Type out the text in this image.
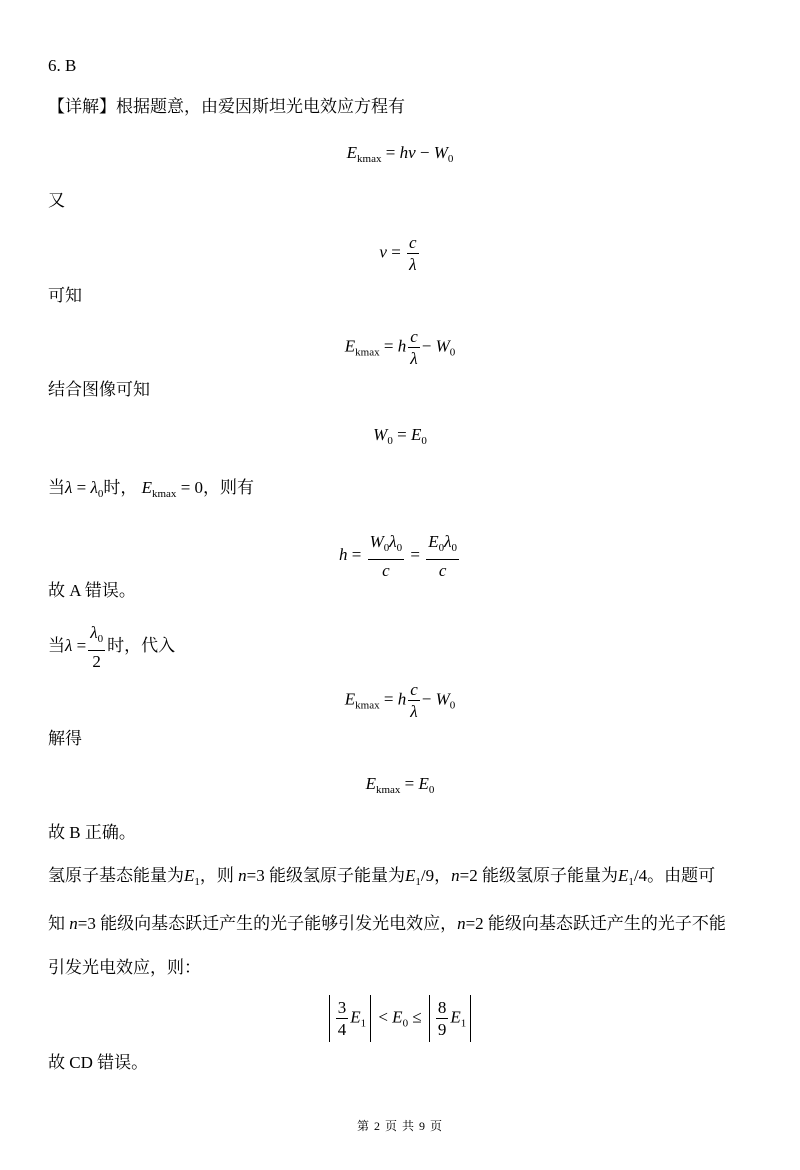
6. B
【详解】根据题意，由爱因斯坦光电效应方程有
$E_{kmax} = h\nu - W_0$
又
$\nu = \frac{c}{\lambda}$
可知
$E_{kmax} = h \frac{c}{\lambda} - W_0$
结合图像可知
$W_0 = E_0$
当$\lambda = \lambda_0$时， $E_{kmax} = 0$，则有
$h = \frac{W_0\lambda_0}{c} = \frac{E_0\lambda_0}{c}$
故 A 错误。
当$\lambda = \frac{\lambda_0}{2}$ 时，代入
$E_{kmax} = h \frac{c}{\lambda} - W_0$
解得
$E_{kmax} = E_0$
故 B 正确。
氢原子基态能量为$E_1$，则 n=3 能级氢原子能量为$E_1/9$，n=2 能级氢原子能量为$E_1/4$。由题可
知 n=3 能级向基态跃迁产生的光子能够引发光电效应，n=2 能级向基态跃迁产生的光子不能
引发光电效应，则：
$\frac{3}{4} E_1 < E_0 \le \frac{8}{9} E_1$
故 CD 错误。
第 2 页 共 9 页
